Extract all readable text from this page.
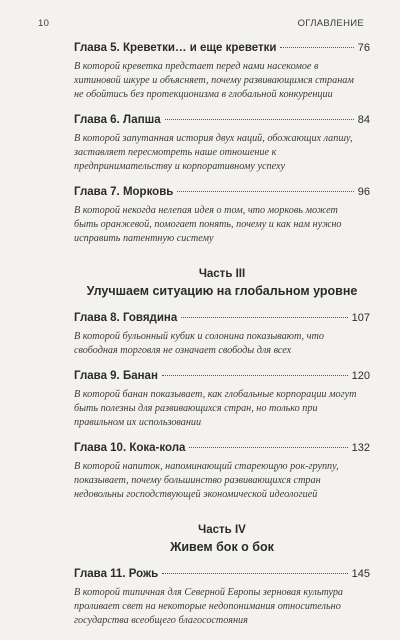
10	ОГЛАВЛЕНИЕ
Глава 5. Креветки… и еще креветки	76
В которой креветка предстает перед нами насекомое в хитиновой шкуре и объясняет, почему развивающимся странам не обойтись без протекционизма в глобальной конкуренции
Глава 6. Лапша	84
В которой запутанная история двух наций, обожающих лапшу, заставляет пересмотреть наше отношение к предпринимательству и корпоративному успеху
Глава 7. Морковь	96
В которой некогда нелепая идея о том, что морковь может быть оранжевой, помогает понять, почему и как нам нужно исправить патентную систему
Часть III
Улучшаем ситуацию на глобальном уровне
Глава 8. Говядина	107
В которой бульонный кубик и солонина показывают, что свободная торговля не означает свободы для всех
Глава 9. Банан	120
В которой банан показывает, как глобальные корпорации могут быть полезны для развивающихся стран, но только при правильном их использовании
Глава 10. Кока-кола	132
В которой напиток, напоминающий стареющую рок-группу, показывает, почему большинство развивающихся стран недовольны господствующей экономической идеологией
Часть IV
Живем бок о бок
Глава 11. Рожь	145
В которой типичная для Северной Европы зерновая культура проливает свет на некоторые недопонимания относительно государства всеобщего благосостояния
